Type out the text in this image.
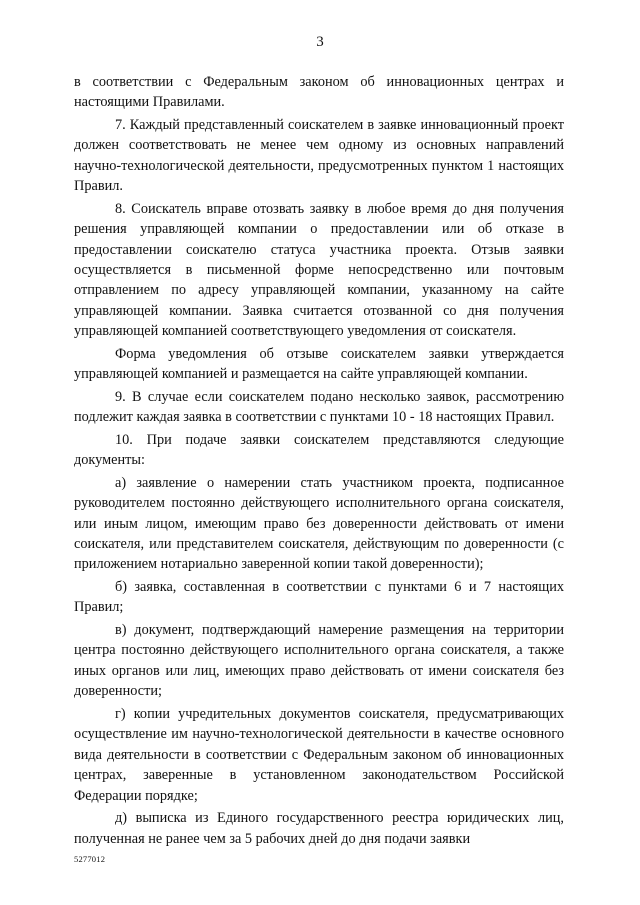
3

в соответствии с Федеральным законом об инновационных центрах и настоящими Правилами.

7. Каждый представленный соискателем в заявке инновационный проект должен соответствовать не менее чем одному из основных направлений научно-технологической деятельности, предусмотренных пунктом 1 настоящих Правил.

8. Соискатель вправе отозвать заявку в любое время до дня получения решения управляющей компании о предоставлении или об отказе в предоставлении соискателю статуса участника проекта. Отзыв заявки осуществляется в письменной форме непосредственно или почтовым отправлением по адресу управляющей компании, указанному на сайте управляющей компании. Заявка считается отозванной со дня получения управляющей компанией соответствующего уведомления от соискателя.

Форма уведомления об отзыве соискателем заявки утверждается управляющей компанией и размещается на сайте управляющей компании.

9. В случае если соискателем подано несколько заявок, рассмотрению подлежит каждая заявка в соответствии с пунктами 10 - 18 настоящих Правил.

10. При подаче заявки соискателем представляются следующие документы:

а) заявление о намерении стать участником проекта, подписанное руководителем постоянно действующего исполнительного органа соискателя, или иным лицом, имеющим право без доверенности действовать от имени соискателя, или представителем соискателя, действующим по доверенности (с приложением нотариально заверенной копии такой доверенности);

б) заявка, составленная в соответствии с пунктами 6 и 7 настоящих Правил;

в) документ, подтверждающий намерение размещения на территории центра постоянно действующего исполнительного органа соискателя, а также иных органов или лиц, имеющих право действовать от имени соискателя без доверенности;

г) копии учредительных документов соискателя, предусматривающих осуществление им научно-технологической деятельности в качестве основного вида деятельности в соответствии с Федеральным законом об инновационных центрах, заверенные в установленном законодательством Российской Федерации порядке;

д) выписка из Единого государственного реестра юридических лиц, полученная не ранее чем за 5 рабочих дней до дня подачи заявки

5277012
